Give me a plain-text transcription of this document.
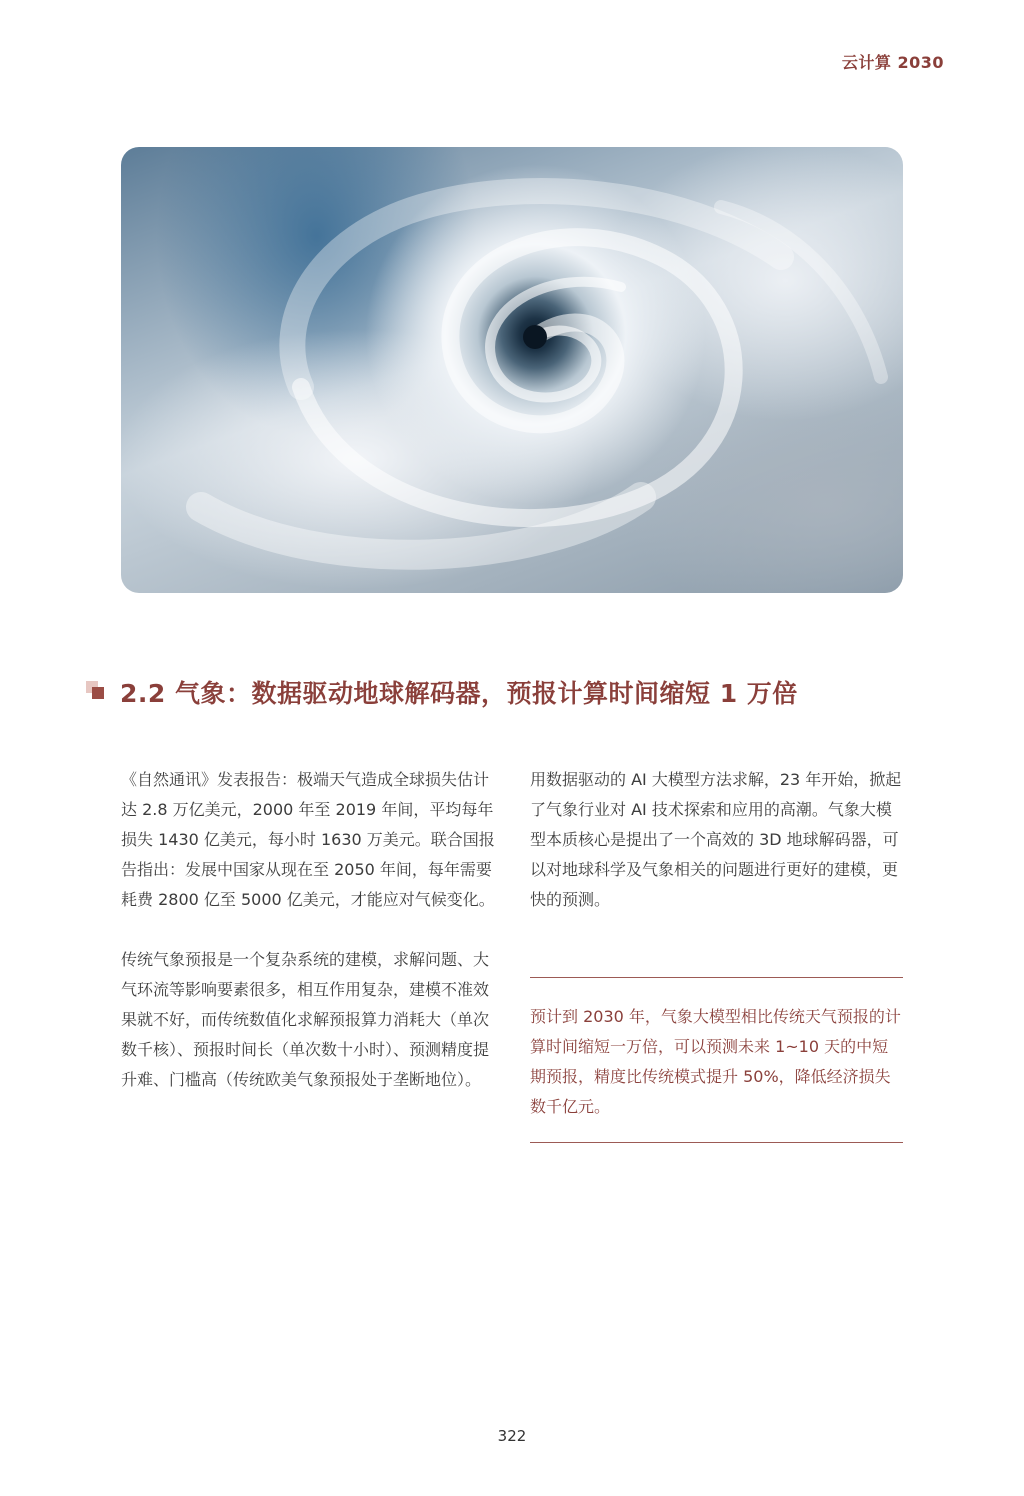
云计算 2030
2.2 气象：数据驱动地球解码器，预报计算时间缩短 1 万倍

《自然通讯》发表报告：极端天气造成全球损失估计达 2.8 万亿美元，2000 年至 2019 年间，平均每年损失 1430 亿美元，每小时 1630 万美元。联合国报告指出：发展中国家从现在至 2050 年间，每年需要耗费 2800 亿至 5000 亿美元，才能应对气候变化。

传统气象预报是一个复杂系统的建模，求解问题、大气环流等影响要素很多，相互作用复杂，建模不准效果就不好，而传统数值化求解预报算力消耗大（单次数千核）、预报时间长（单次数十小时）、预测精度提升难、门槛高（传统欧美气象预报处于垄断地位）。

用数据驱动的 AI 大模型方法求解，23 年开始，掀起了气象行业对 AI 技术探索和应用的高潮。气象大模型本质核心是提出了一个高效的 3D 地球解码器，可以对地球科学及气象相关的问题进行更好的建模，更快的预测。

预计到 2030 年，气象大模型相比传统天气预报的计算时间缩短一万倍，可以预测未来 1~10 天的中短期预报，精度比传统模式提升 50%，降低经济损失数千亿元。

322
